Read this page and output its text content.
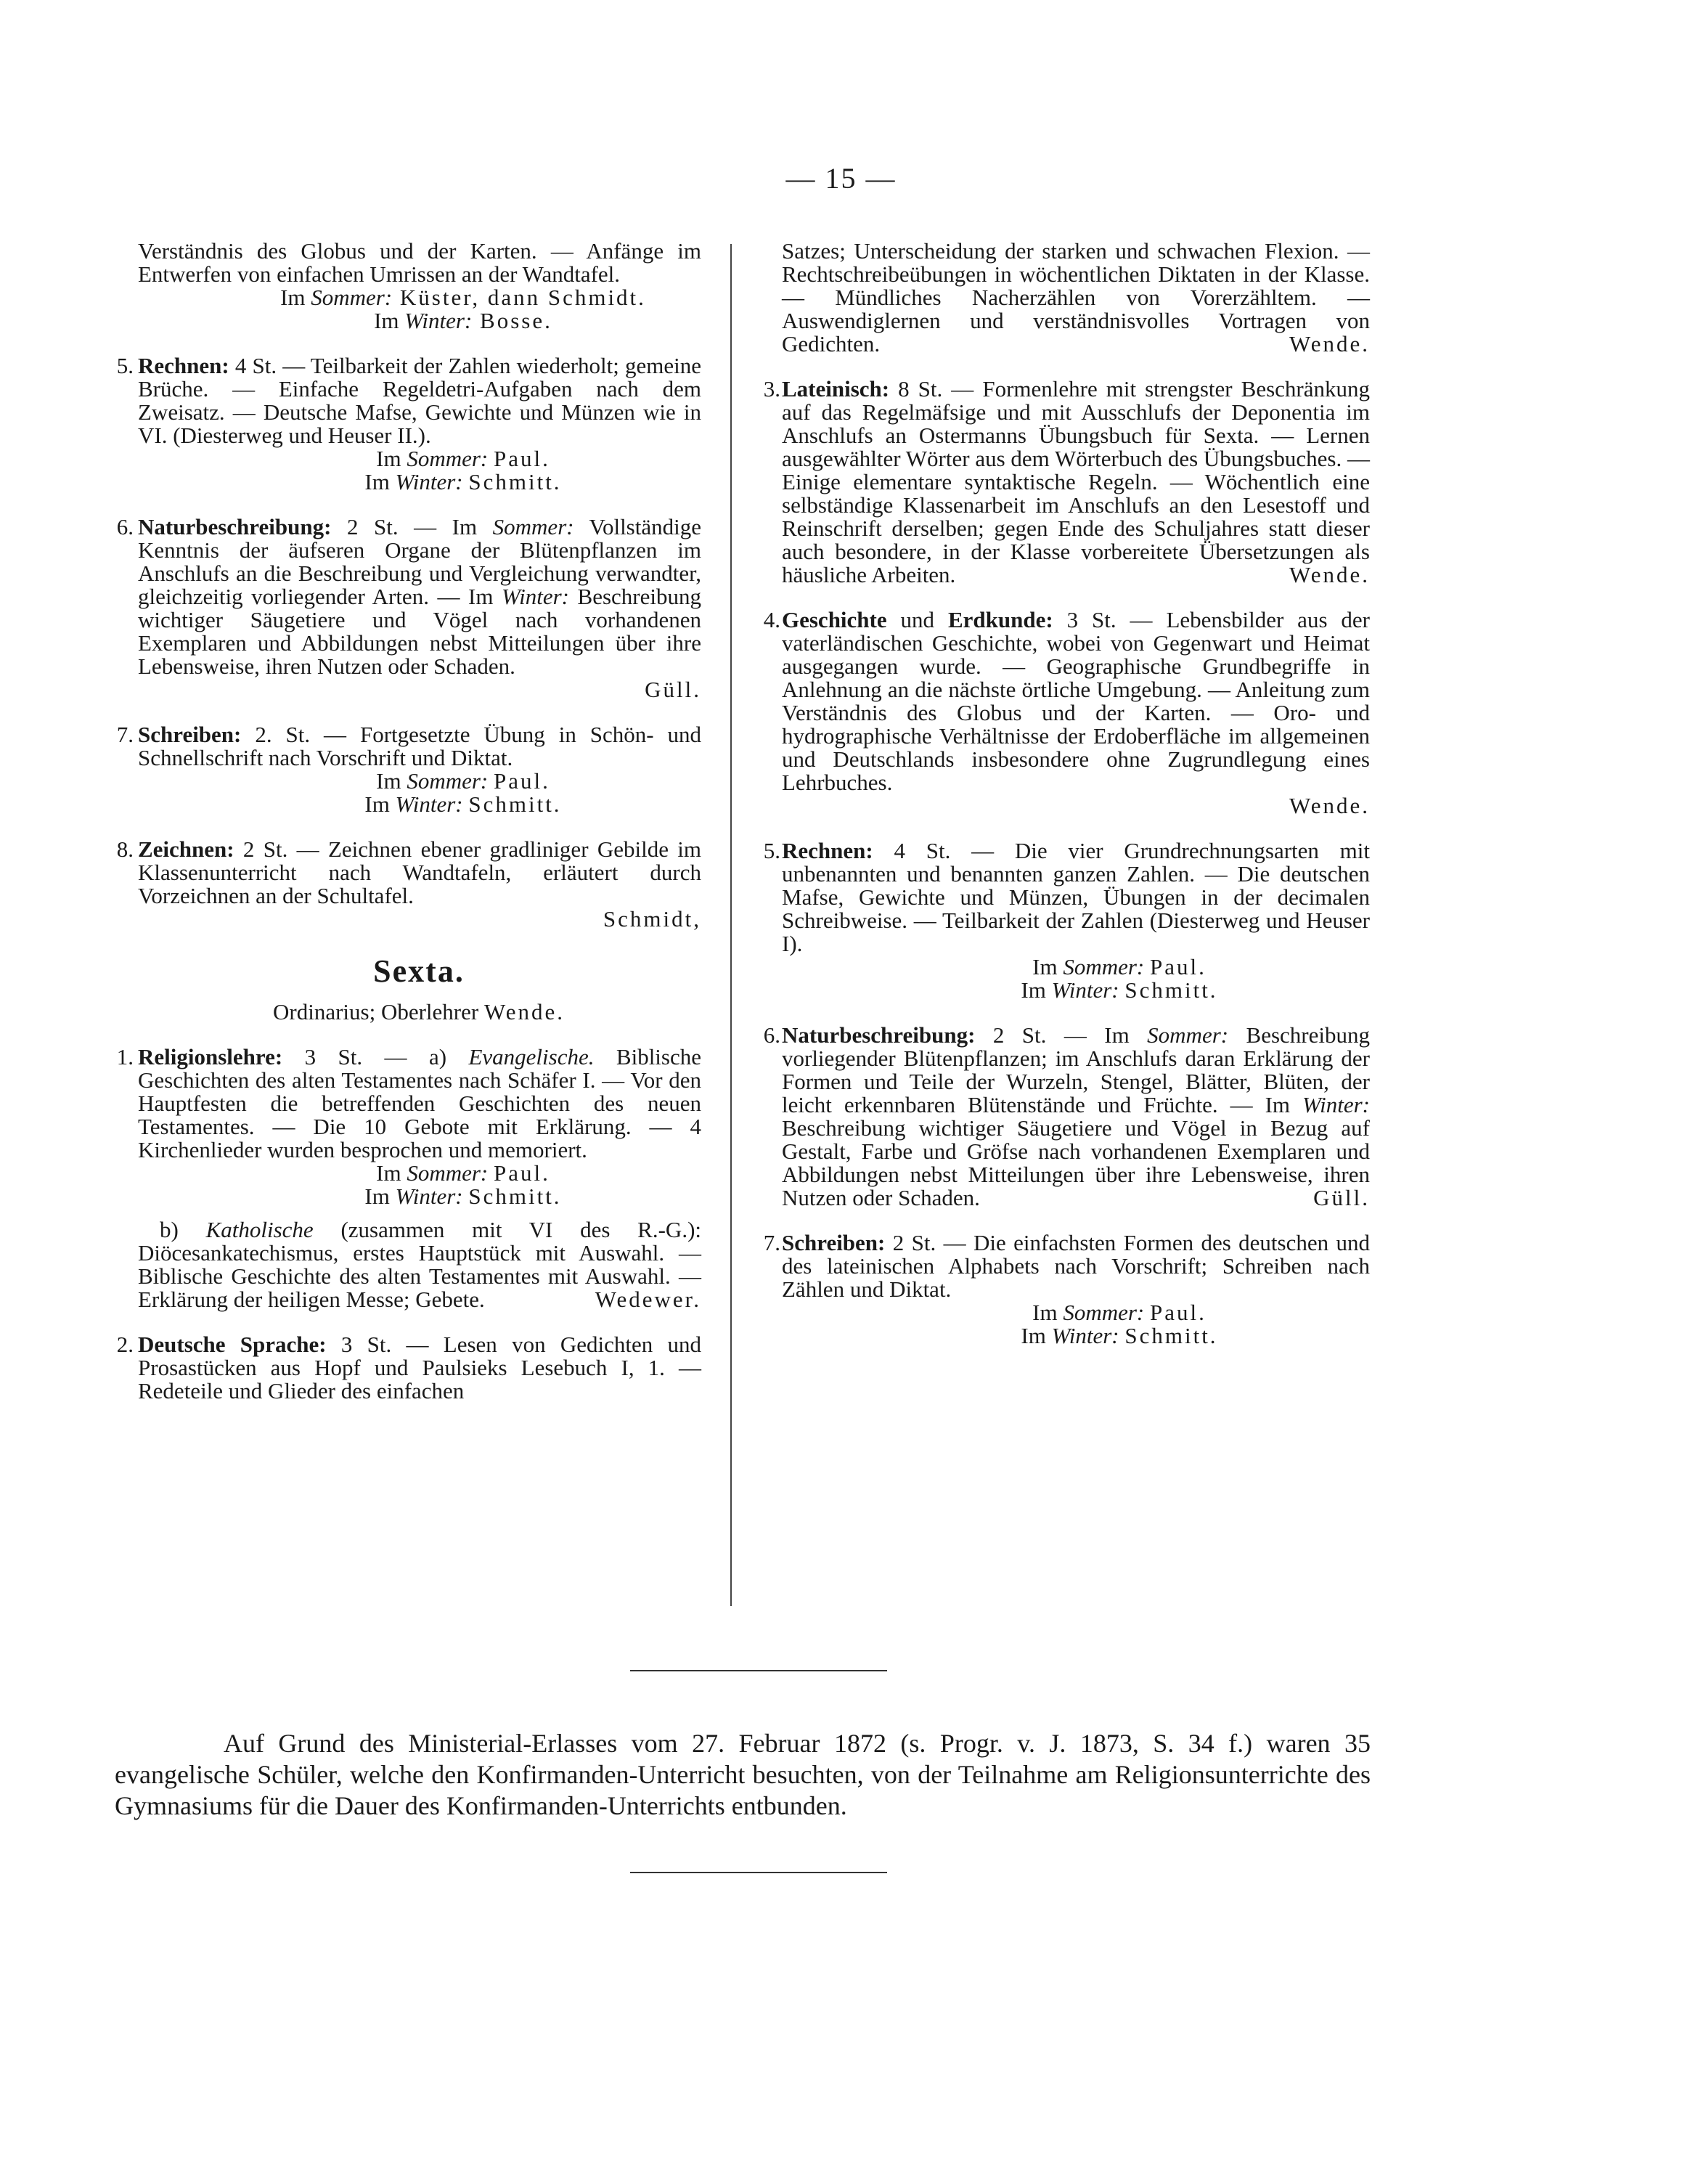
— 15 —

Verständnis des Globus und der Karten. — Anfänge im Entwerfen von einfachen Umrissen an der Wandtafel.

Im Sommer: Küster, dann Schmidt.

Im Winter: Bosse.

5. Rechnen: 4 St. — Teilbarkeit der Zahlen wiederholt; gemeine Brüche. — Einfache Regeldetri-Aufgaben nach dem Zweisatz. — Deutsche Mafse, Gewichte und Münzen wie in VI. (Diesterweg und Heuser II.).

Im Sommer: Paul.

Im Winter: Schmitt.

6. Naturbeschreibung: 2 St. — Im Sommer: Vollständige Kenntnis der äufseren Organe der Blütenpflanzen im Anschlufs an die Beschreibung und Vergleichung verwandter, gleichzeitig vorliegender Arten. — Im Winter: Beschreibung wichtiger Säugetiere und Vögel nach vorhandenen Exemplaren und Abbildungen nebst Mitteilungen über ihre Lebensweise, ihren Nutzen oder Schaden.

Güll.

7. Schreiben: 2. St. — Fortgesetzte Übung in Schön- und Schnellschrift nach Vorschrift und Diktat.

Im Sommer: Paul.

Im Winter: Schmitt.

8. Zeichnen: 2 St. — Zeichnen ebener gradliniger Gebilde im Klassenunterricht nach Wandtafeln, erläutert durch Vorzeichnen an der Schultafel.

Schmidt,

Sexta.

Ordinarius; Oberlehrer Wende.

1. Religionslehre: 3 St. — a) Evangelische. Biblische Geschichten des alten Testamentes nach Schäfer I. — Vor den Hauptfesten die betreffenden Geschichten des neuen Testamentes. — Die 10 Gebote mit Erklärung. — 4 Kirchenlieder wurden besprochen und memoriert.

Im Sommer: Paul.

Im Winter: Schmitt.

b) Katholische (zusammen mit VI des R.-G.): Diöcesankatechismus, erstes Hauptstück mit Auswahl. — Biblische Geschichte des alten Testamentes mit Auswahl. — Erklärung der heiligen Messe; Gebete.	Wedewer.

2. Deutsche Sprache: 3 St. — Lesen von Gedichten und Prosastücken aus Hopf und Paulsieks Lesebuch I, 1. — Redeteile und Glieder des einfachen

Satzes; Unterscheidung der starken und schwachen Flexion. — Rechtschreibeübungen in wöchentlichen Diktaten in der Klasse. — Mündliches Nacherzählen von Vorerzähltem. — Auswendiglernen und verständnisvolles Vortragen von Gedichten.	Wende.

3. Lateinisch: 8 St. — Formenlehre mit strengster Beschränkung auf das Regelmäfsige und mit Ausschlufs der Deponentia im Anschlufs an Ostermanns Übungsbuch für Sexta. — Lernen ausgewählter Wörter aus dem Wörterbuch des Übungsbuches. — Einige elementare syntaktische Regeln. — Wöchentlich eine selbständige Klassenarbeit im Anschlufs an den Lesestoff und Reinschrift derselben; gegen Ende des Schuljahres statt dieser auch besondere, in der Klasse vorbereitete Übersetzungen als häusliche Arbeiten.	Wende.

4. Geschichte und Erdkunde: 3 St. — Lebensbilder aus der vaterländischen Geschichte, wobei von Gegenwart und Heimat ausgegangen wurde. — Geographische Grundbegriffe in Anlehnung an die nächste örtliche Umgebung. — Anleitung zum Verständnis des Globus und der Karten. — Oro- und hydrographische Verhältnisse der Erdoberfläche im allgemeinen und Deutschlands insbesondere ohne Zugrundlegung eines Lehrbuches.

Wende.

5. Rechnen: 4 St. — Die vier Grundrechnungsarten mit unbenannten und benannten ganzen Zahlen. — Die deutschen Mafse, Gewichte und Münzen, Übungen in der decimalen Schreibweise. — Teilbarkeit der Zahlen (Diesterweg und Heuser I).

Im Sommer: Paul.

Im Winter: Schmitt.

6. Naturbeschreibung: 2 St. — Im Sommer: Beschreibung vorliegender Blütenpflanzen; im Anschlufs daran Erklärung der Formen und Teile der Wurzeln, Stengel, Blätter, Blüten, der leicht erkennbaren Blütenstände und Früchte. — Im Winter: Beschreibung wichtiger Säugetiere und Vögel in Bezug auf Gestalt, Farbe und Gröfse nach vorhandenen Exemplaren und Abbildungen nebst Mitteilungen über ihre Lebensweise, ihren Nutzen oder Schaden.	Güll.

7. Schreiben: 2 St. — Die einfachsten Formen des deutschen und des lateinischen Alphabets nach Vorschrift; Schreiben nach Zählen und Diktat.

Im Sommer: Paul.

Im Winter: Schmitt.

Auf Grund des Ministerial-Erlasses vom 27. Februar 1872 (s. Progr. v. J. 1873, S. 34 f.) waren 35 evangelische Schüler, welche den Konfirmanden-Unterricht besuchten, von der Teilnahme am Religionsunterrichte des Gymnasiums für die Dauer des Konfirmanden-Unterrichts entbunden.
